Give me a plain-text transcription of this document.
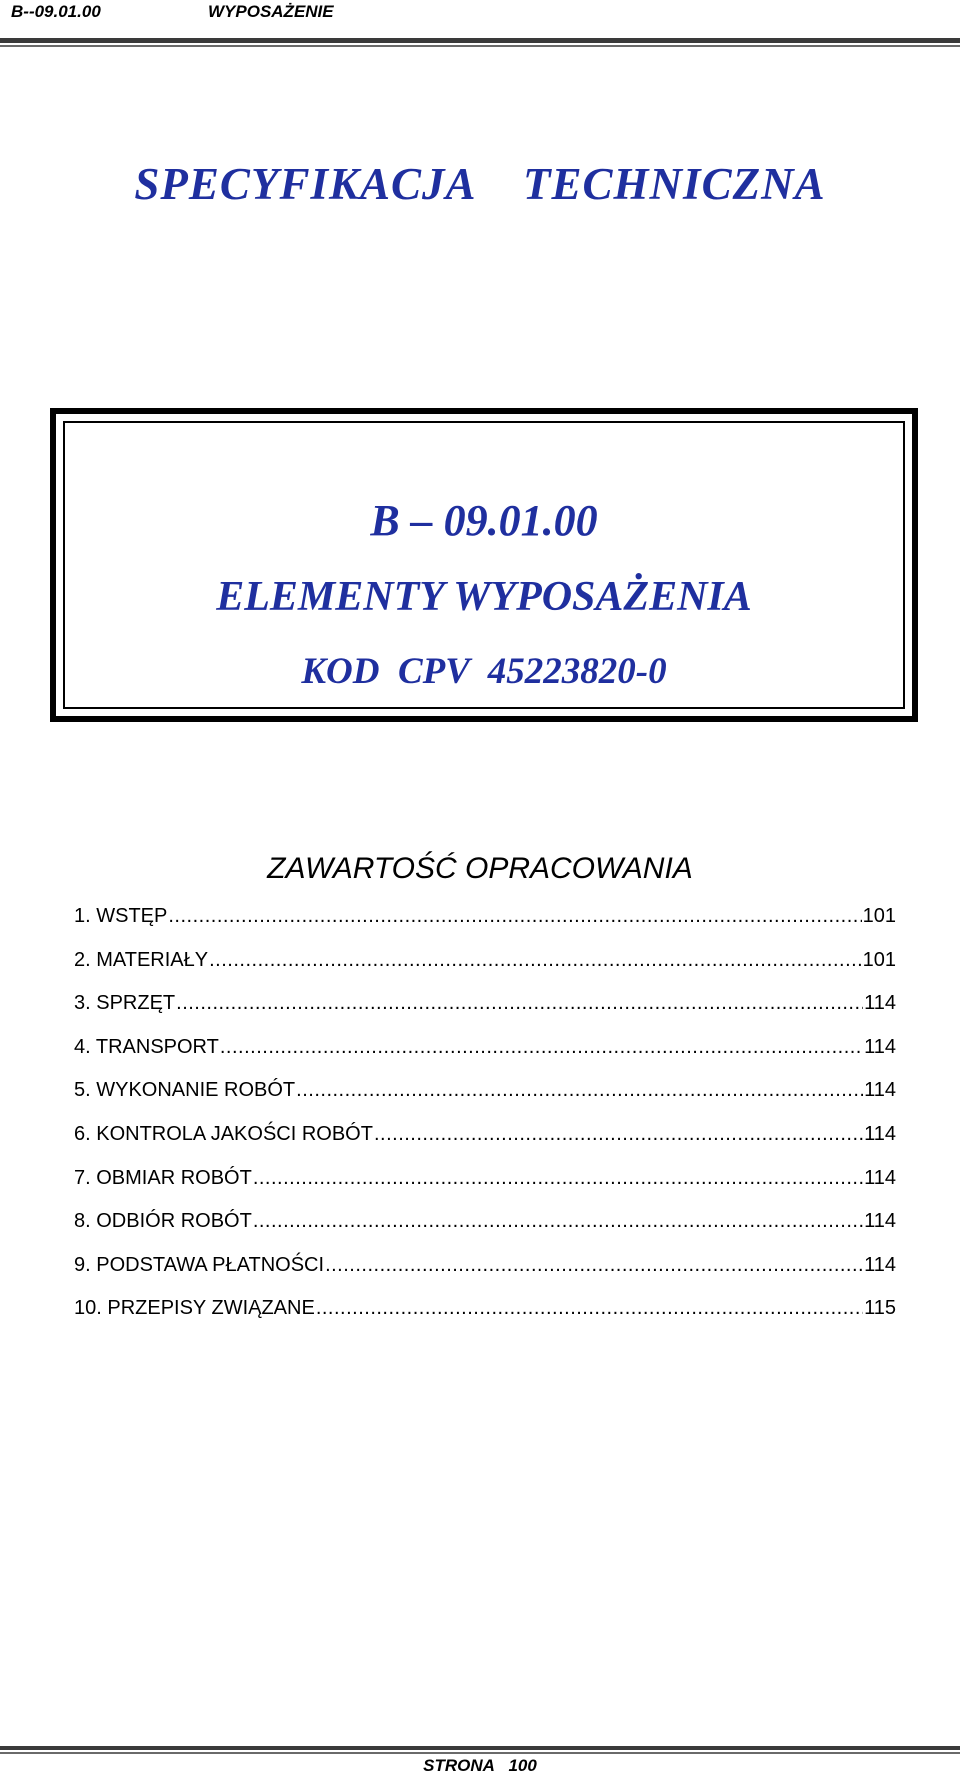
B--09.01.00	WYPOSAŻENIE
SPECYFIKACJA    TECHNICZNA
B – 09.01.00
ELEMENTY WYPOSAŻENIA
KOD  CPV  45223820-0
ZAWARTOŚĆ OPRACOWANIA
1. WSTĘP .....	101
2. MATERIAŁY .....	101
3. SPRZĘT .....	114
4. TRANSPORT .....	114
5. WYKONANIE ROBÓT .....	114
6. KONTROLA JAKOŚCI ROBÓT .....	114
7. OBMIAR ROBÓT .....	114
8. ODBIÓR ROBÓT .....	114
9. PODSTAWA PŁATNOŚCI .....	114
10. PRZEPISY ZWIĄZANE .....	115
STRONA   100
